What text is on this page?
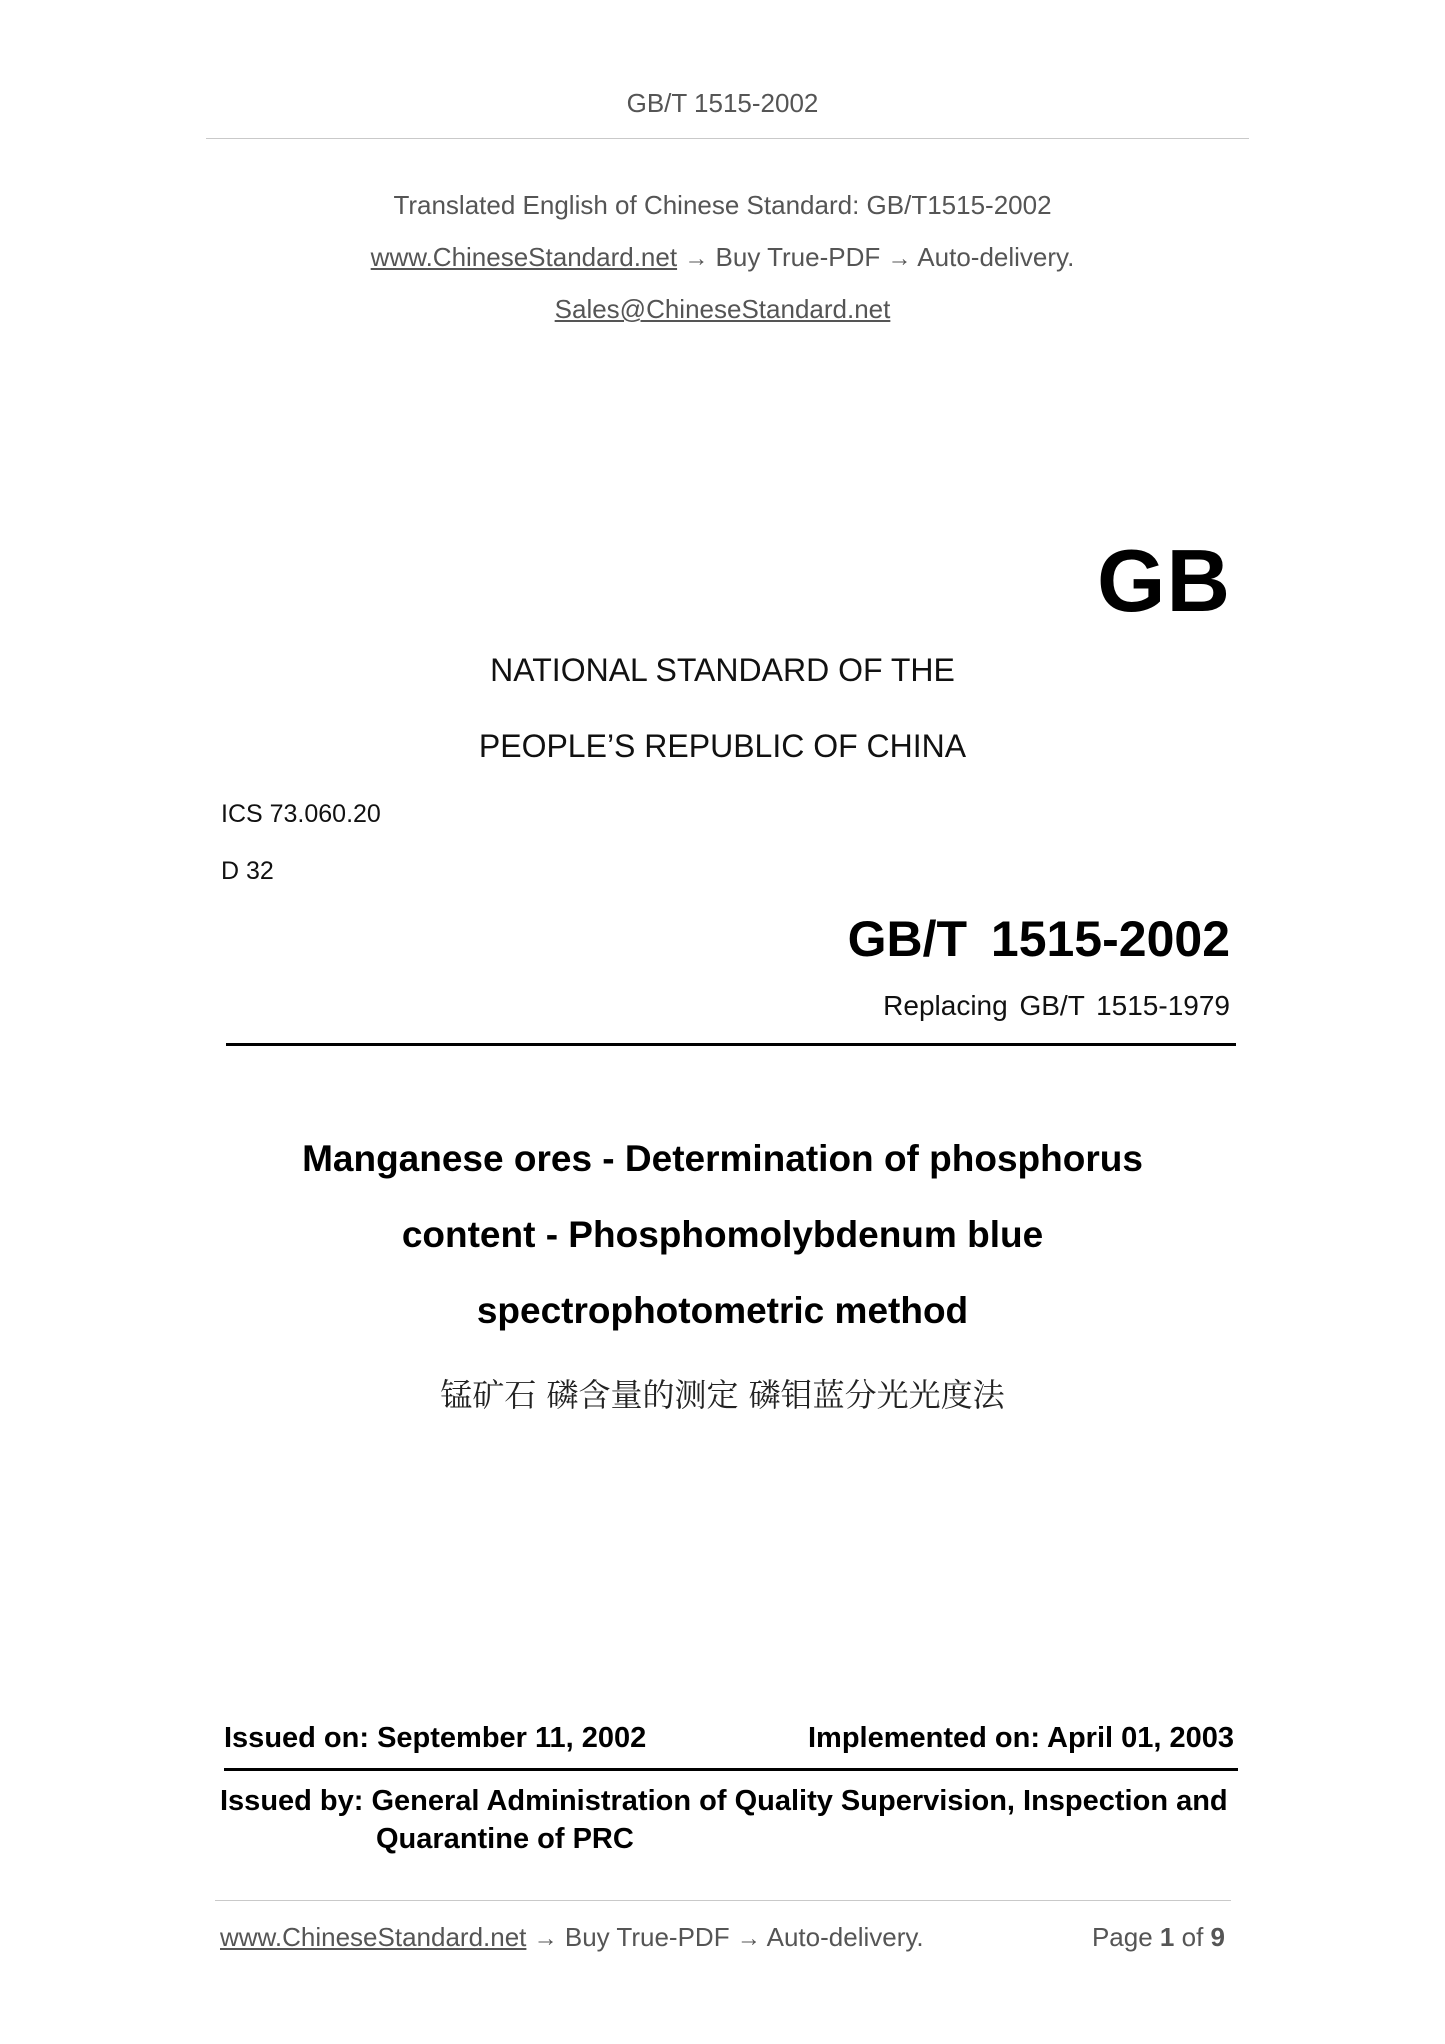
GB/T 1515-2002
Translated English of Chinese Standard: GB/T1515-2002
www.ChineseStandard.net → Buy True-PDF → Auto-delivery.
Sales@ChineseStandard.net
GB
NATIONAL STANDARD OF THE
PEOPLE’S REPUBLIC OF CHINA
ICS 73.060.20
D 32
GB/T 1515-2002
Replacing GB/T 1515-1979
Manganese ores - Determination of phosphorus
content - Phosphomolybdenum blue
spectrophotometric method
锰矿石 磷含量的测定 磷钼蓝分光光度法
Issued on: September 11, 2002	Implemented on: April 01, 2003
Issued by: General Administration of Quality Supervision, Inspection and
Quarantine of PRC
www.ChineseStandard.net → Buy True-PDF → Auto-delivery.	Page 1 of 9
